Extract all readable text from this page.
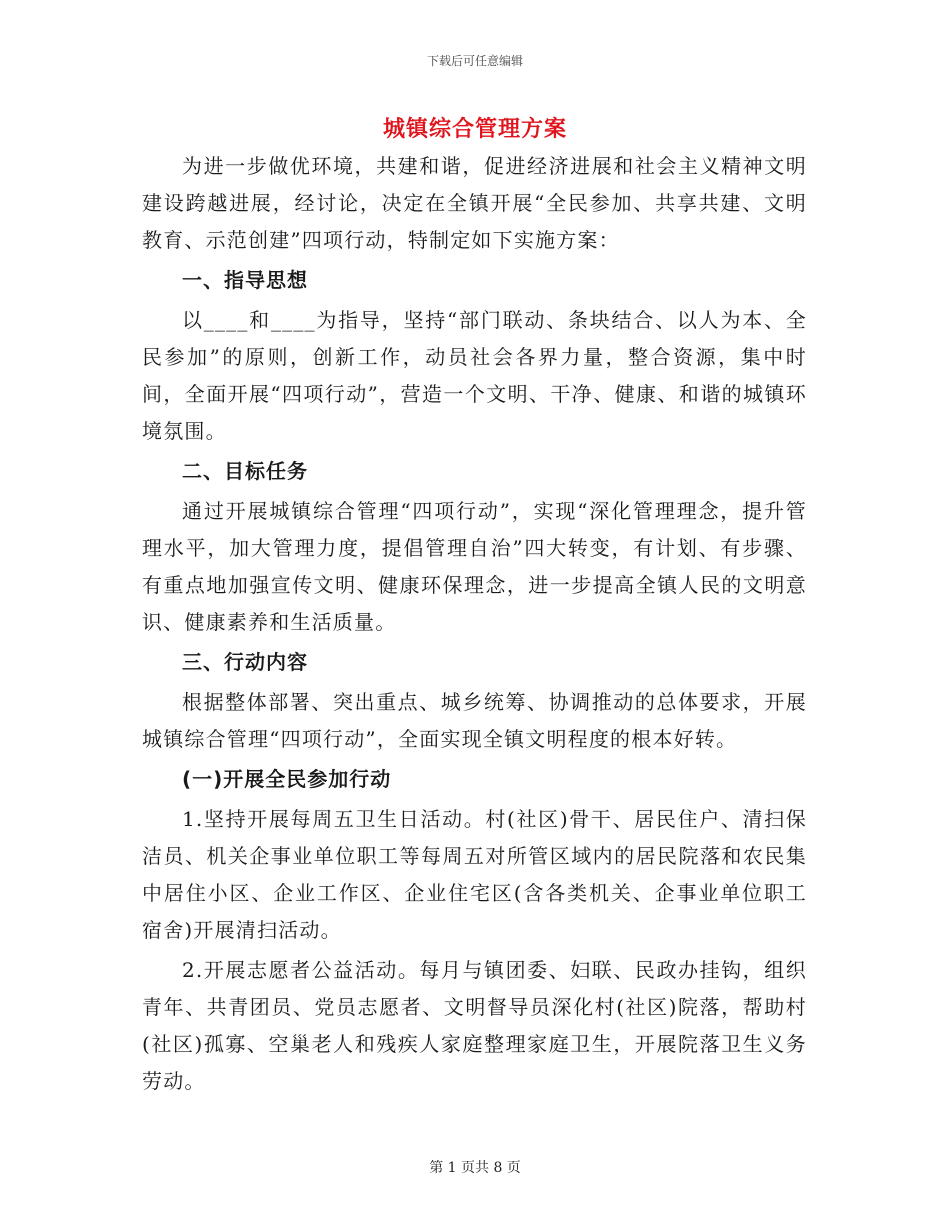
下载后可任意编辑
城镇综合管理方案

为进一步做优环境，共建和谐，促进经济进展和社会主义精神文明建设跨越进展，经讨论，决定在全镇开展“全民参加、共享共建、文明教育、示范创建”四项行动，特制定如下实施方案：

一、指导思想

以____和____为指导，坚持“部门联动、条块结合、以人为本、全民参加”的原则，创新工作，动员社会各界力量，整合资源，集中时间，全面开展“四项行动”，营造一个文明、干净、健康、和谐的城镇环境氛围。

二、目标任务

通过开展城镇综合管理“四项行动”，实现“深化管理理念，提升管理水平，加大管理力度，提倡管理自治”四大转变，有计划、有步骤、有重点地加强宣传文明、健康环保理念，进一步提高全镇人民的文明意识、健康素养和生活质量。

三、行动内容

根据整体部署、突出重点、城乡统筹、协调推动的总体要求，开展城镇综合管理“四项行动”，全面实现全镇文明程度的根本好转。

(一)开展全民参加行动

1.坚持开展每周五卫生日活动。村(社区)骨干、居民住户、清扫保洁员、机关企事业单位职工等每周五对所管区域内的居民院落和农民集中居住小区、企业工作区、企业住宅区(含各类机关、企事业单位职工宿舍)开展清扫活动。

2.开展志愿者公益活动。每月与镇团委、妇联、民政办挂钩，组织青年、共青团员、党员志愿者、文明督导员深化村(社区)院落，帮助村(社区)孤寡、空巢老人和残疾人家庭整理家庭卫生，开展院落卫生义务劳动。

第 1 页共 8 页
